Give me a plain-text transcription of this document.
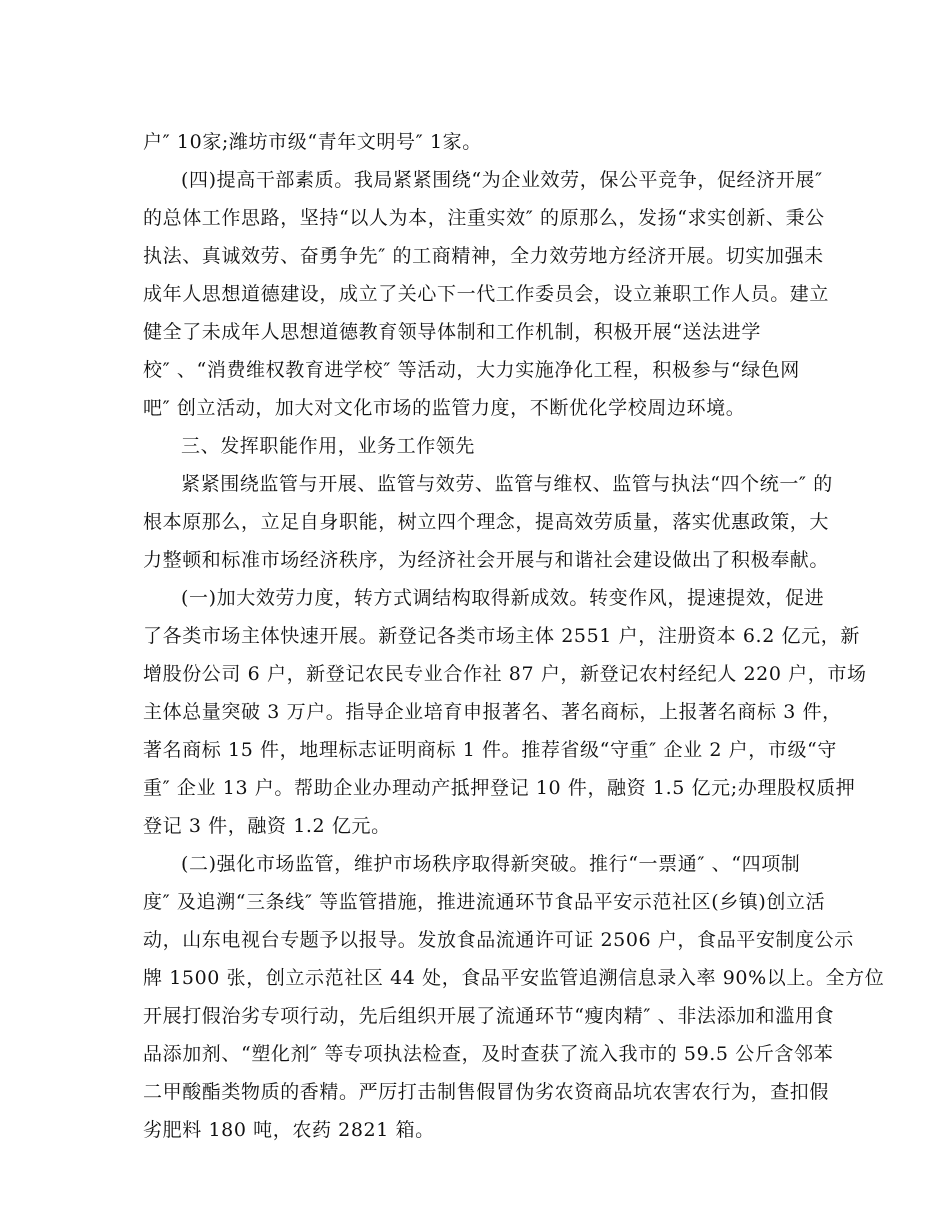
户″ 10家;潍坊市级“青年文明号″ 1家。
(四)提高干部素质。我局紧紧围绕“为企业效劳，保公平竞争，促经济开展″
的总体工作思路，坚持“以人为本，注重实效″ 的原那么，发扬“求实创新、秉公
执法、真诚效劳、奋勇争先″ 的工商精神，全力效劳地方经济开展。切实加强未
成年人思想道德建设，成立了关心下一代工作委员会，设立兼职工作人员。建立
健全了未成年人思想道德教育领导体制和工作机制，积极开展“送法进学
校″ 、“消费维权教育进学校″ 等活动，大力实施净化工程，积极参与“绿色网
吧″ 创立活动，加大对文化市场的监管力度，不断优化学校周边环境。
三、发挥职能作用，业务工作领先
紧紧围绕监管与开展、监管与效劳、监管与维权、监管与执法“四个统一″ 的
根本原那么，立足自身职能，树立四个理念，提高效劳质量，落实优惠政策，大
力整顿和标准市场经济秩序，为经济社会开展与和谐社会建设做出了积极奉献。
(一)加大效劳力度，转方式调结构取得新成效。转变作风，提速提效，促进
了各类市场主体快速开展。新登记各类市场主体 2551 户，注册资本 6.2 亿元，新
增股份公司 6 户，新登记农民专业合作社 87 户，新登记农村经纪人 220 户，市场
主体总量突破 3 万户。指导企业培育申报著名、著名商标，上报著名商标 3 件，
著名商标 15 件，地理标志证明商标 1 件。推荐省级“守重″ 企业 2 户，市级“守
重″ 企业 13 户。帮助企业办理动产抵押登记 10 件，融资 1.5 亿元;办理股权质押
登记 3 件，融资 1.2 亿元。
(二)强化市场监管，维护市场秩序取得新突破。推行“一票通″ 、“四项制
度″ 及追溯“三条线″ 等监管措施，推进流通环节食品平安示范社区(乡镇)创立活
动，山东电视台专题予以报导。发放食品流通许可证 2506 户，食品平安制度公示
牌 1500 张，创立示范社区 44 处，食品平安监管追溯信息录入率 90%以上。全方位
开展打假治劣专项行动，先后组织开展了流通环节“瘦肉精″ 、非法添加和滥用食
品添加剂、“塑化剂″ 等专项执法检查，及时查获了流入我市的 59.5 公斤含邻苯
二甲酸酯类物质的香精。严厉打击制售假冒伪劣农资商品坑农害农行为，查扣假
劣肥料 180 吨，农药 2821 箱。
